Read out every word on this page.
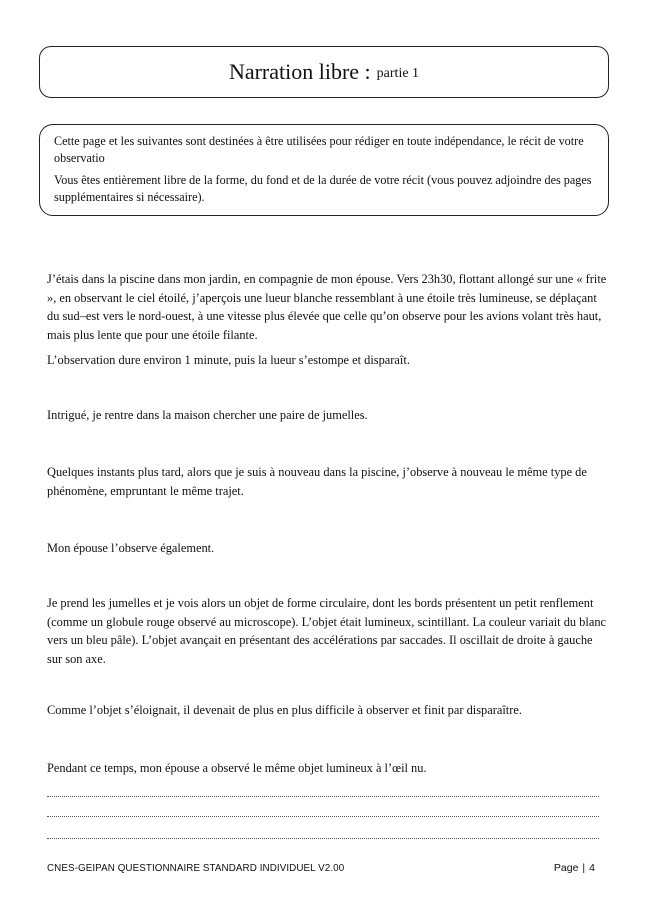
Narration libre : partie 1

Cette page et les suivantes sont destinées à être utilisées pour rédiger en toute indépendance, le récit de votre observatio

Vous êtes entièrement libre de la forme, du fond et de la durée de votre récit (vous pouvez adjoindre des pages supplémentaires si nécessaire).

J’étais dans la piscine dans mon jardin, en compagnie de mon épouse. Vers 23h30, flottant allongé sur une « frite », en observant le ciel étoilé, j’aperçois une lueur blanche ressemblant à une étoile très lumineuse, se déplaçant du sud–est vers le nord-ouest, à une vitesse plus élevée que celle qu’on observe pour les avions volant très haut, mais plus lente que pour une étoile filante.

L’observation dure environ 1 minute, puis la lueur s’estompe et disparaît.

Intrigué, je rentre dans la maison chercher une paire de jumelles.

Quelques instants plus tard, alors que je suis à nouveau dans la piscine, j’observe à nouveau le même type de phénomène, empruntant le même trajet.

Mon épouse l’observe également.

Je prend les jumelles et je vois alors un objet de forme circulaire, dont les bords présentent un petit renflement (comme un globule rouge observé au microscope). L’objet était lumineux, scintillant. La couleur variait du blanc vers un bleu pâle). L’objet avançait en présentant des accélérations par saccades. Il oscillait de droite à gauche sur son axe.

Comme l’objet s’éloignait, il devenait de plus en plus difficile à observer et finit par disparaître.

Pendant ce temps, mon épouse a observé le même objet lumineux à l’œil nu.

CNES-GEIPAN QUESTIONNAIRE STANDARD INDIVIDUEL V2.00	Page | 4
